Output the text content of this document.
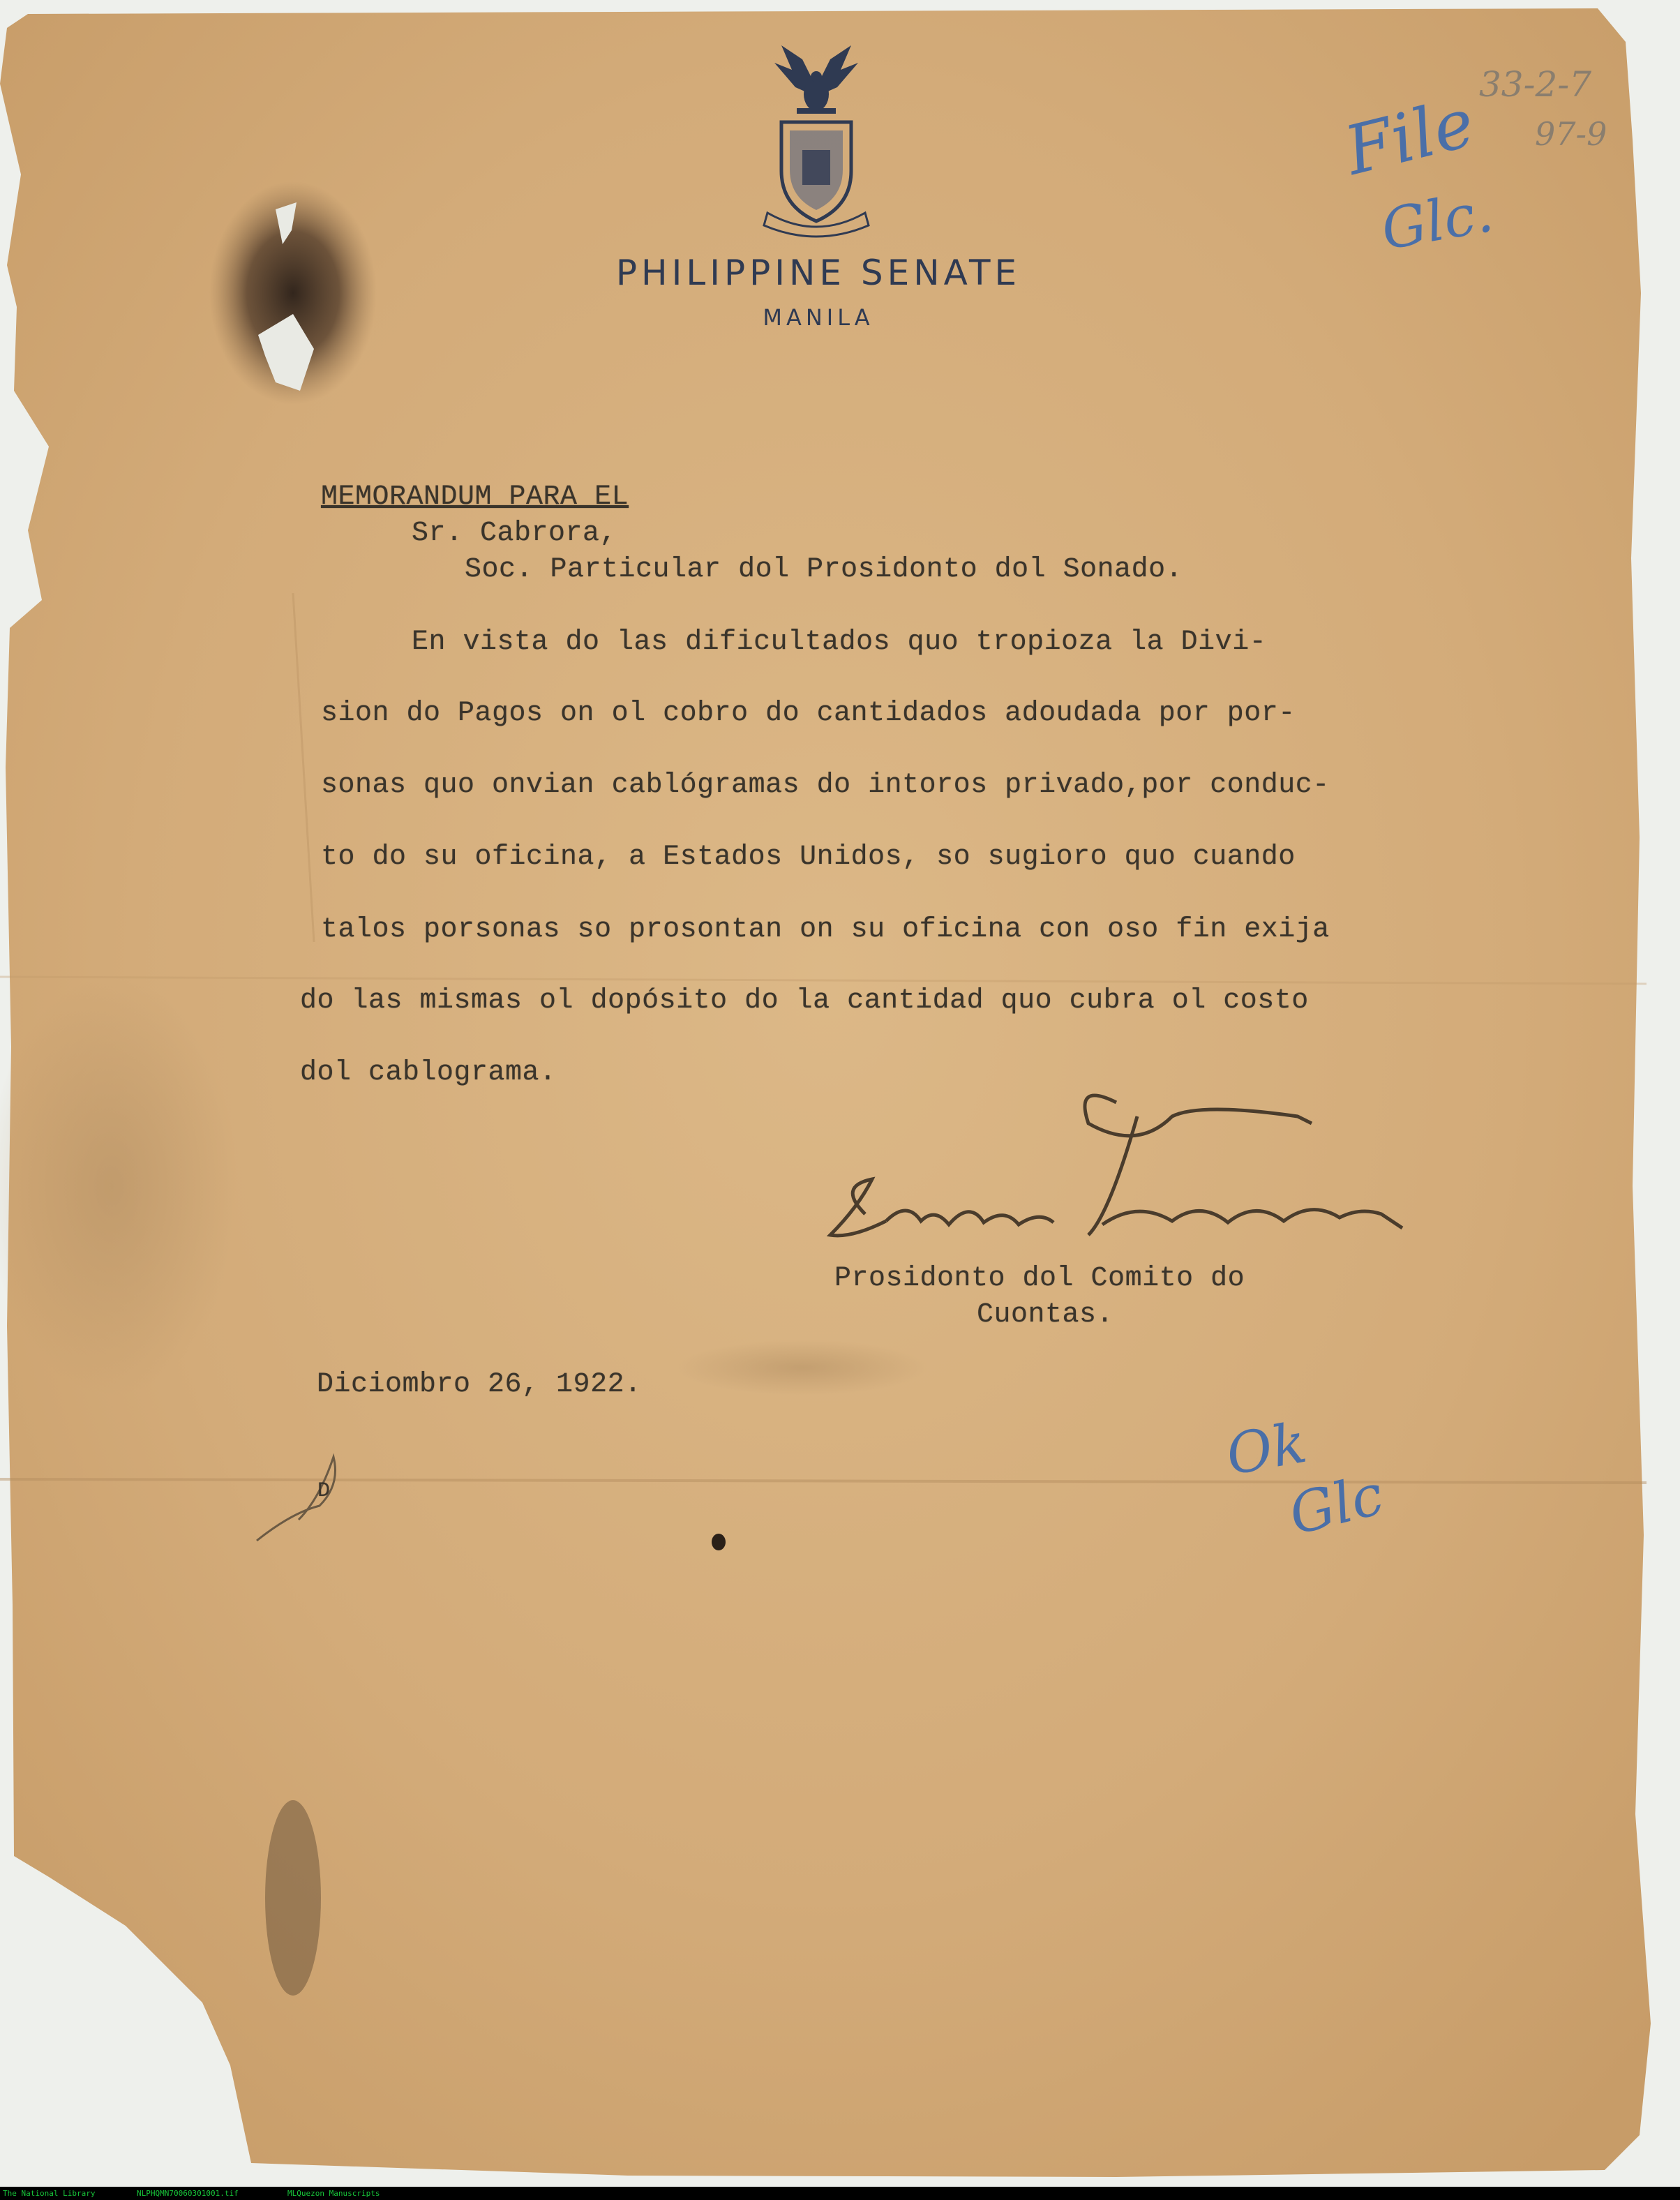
PHILIPPINE SENATE
MANILA
MEMORANDUM PARA EL
Sr. Cabrora,
Soc. Particular dol Prosidonto dol Sonado.
En vista do las dificultados quo tropioza la Divi-
sion do Pagos on ol cobro do cantidados adoudada por por-
sonas quo onvian cablógramas do intoros privado,por conduc-
to do su oficina, a Estados Unidos, so sugioro quo cuando
talos porsonas so prosontan on su oficina con oso fin exija
do las mismas ol dopósito do la cantidad quo cubra ol costo
dol cablograma.
Prosidonto dol Comito do
Cuontas.
Diciombro 26, 1922.
D
33-2-7
97-9
File
Glc.
Ok
Glc
The National Library	NLPHQMN70060301001.tif	MLQuezon Manuscripts
